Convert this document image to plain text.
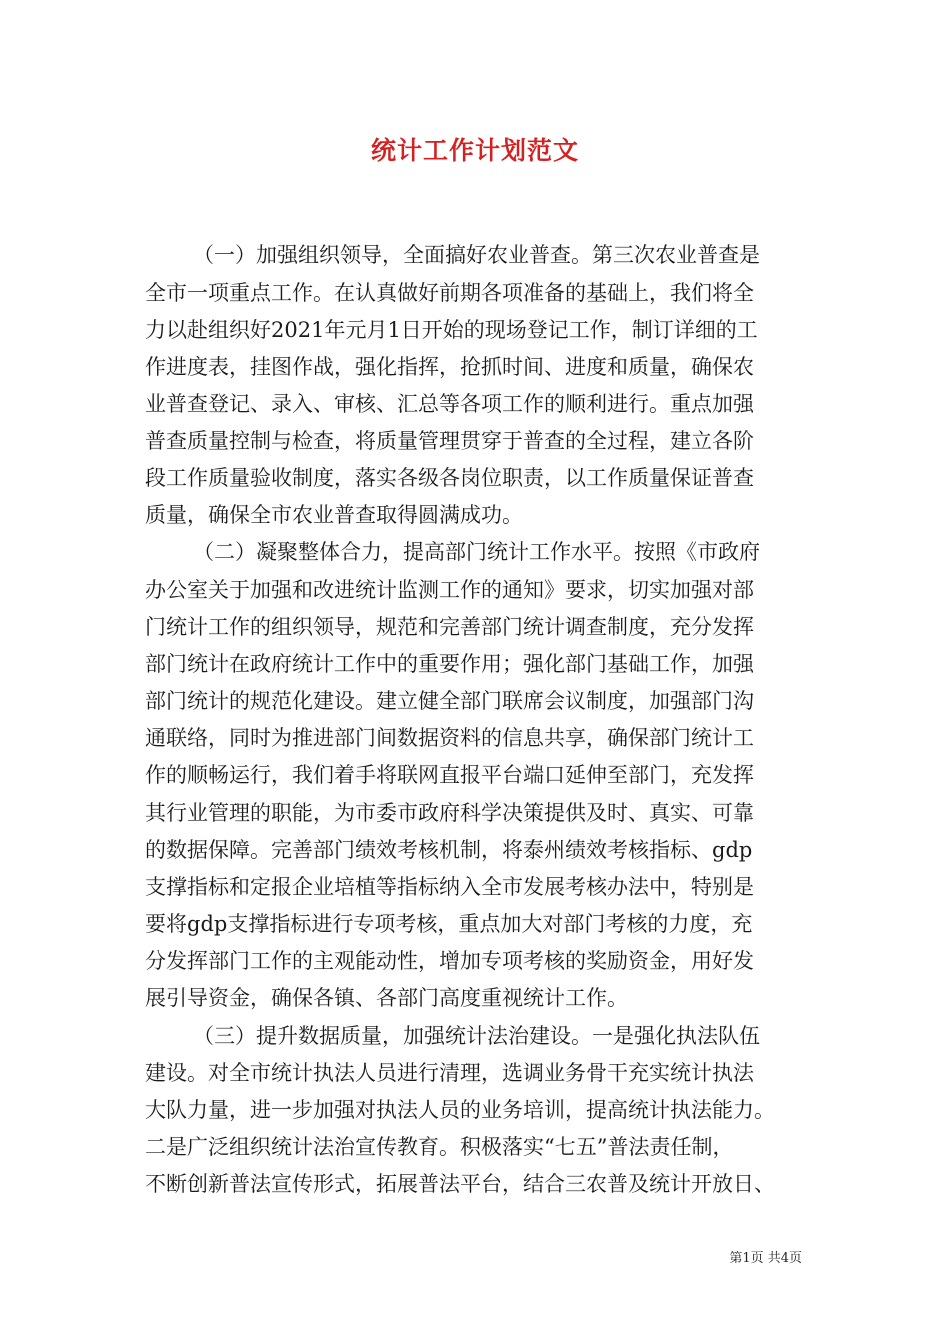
统计工作计划范文
（一）加强组织领导，全面搞好农业普查。第三次农业普查是
全市一项重点工作。在认真做好前期各项准备的基础上，我们将全
力以赴组织好2021年元月1日开始的现场登记工作，制订详细的工
作进度表，挂图作战，强化指挥，抢抓时间、进度和质量，确保农
业普查登记、录入、审核、汇总等各项工作的顺利进行。重点加强
普查质量控制与检查，将质量管理贯穿于普查的全过程，建立各阶
段工作质量验收制度，落实各级各岗位职责，以工作质量保证普查
质量，确保全市农业普查取得圆满成功。
（二）凝聚整体合力，提高部门统计工作水平。按照《市政府
办公室关于加强和改进统计监测工作的通知》要求，切实加强对部
门统计工作的组织领导，规范和完善部门统计调查制度，充分发挥
部门统计在政府统计工作中的重要作用；强化部门基础工作，加强
部门统计的规范化建设。建立健全部门联席会议制度，加强部门沟
通联络，同时为推进部门间数据资料的信息共享，确保部门统计工
作的顺畅运行，我们着手将联网直报平台端口延伸至部门，充发挥
其行业管理的职能，为市委市政府科学决策提供及时、真实、可靠
的数据保障。完善部门绩效考核机制，将泰州绩效考核指标、gdp
支撑指标和定报企业培植等指标纳入全市发展考核办法中，特别是
要将gdp支撑指标进行专项考核，重点加大对部门考核的力度，充
分发挥部门工作的主观能动性，增加专项考核的奖励资金，用好发
展引导资金，确保各镇、各部门高度重视统计工作。
（三）提升数据质量，加强统计法治建设。一是强化执法队伍
建设。对全市统计执法人员进行清理，选调业务骨干充实统计执法
大队力量，进一步加强对执法人员的业务培训，提高统计执法能力。
二是广泛组织统计法治宣传教育。积极落实“七五”普法责任制，
不断创新普法宣传形式，拓展普法平台，结合三农普及统计开放日、
第1页 共4页
